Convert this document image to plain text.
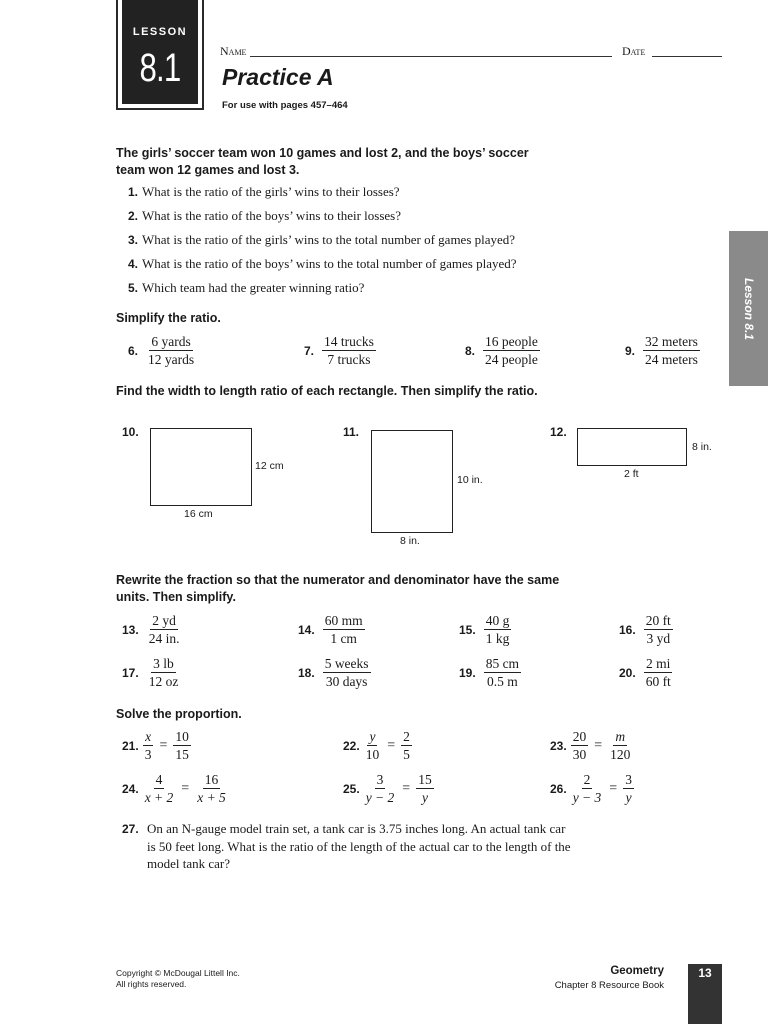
LESSON
8.1	Name	Date
Practice A
For use with pages 457–464
Lesson 8.1
The girls’ soccer team won 10 games and lost 2, and the boys’ soccer team won 12 games and lost 3.
1. What is the ratio of the girls’ wins to their losses?
2. What is the ratio of the boys’ wins to their losses?
3. What is the ratio of the girls’ wins to the total number of games played?
4. What is the ratio of the boys’ wins to the total number of games played?
5. Which team had the greater winning ratio?
Simplify the ratio.
6. $\frac{\text{6 yards}}{\text{12 yards}}$	7. $\frac{\text{14 trucks}}{\text{7 trucks}}$	8. $\frac{\text{16 people}}{\text{24 people}}$	9. $\frac{\text{32 meters}}{\text{24 meters}}$
Find the width to length ratio of each rectangle. Then simplify the ratio.
10.
12 cm
16 cm
11.
10 in.
8 in.
12.
8 in.
2 ft
Rewrite the fraction so that the numerator and denominator have the same units. Then simplify.
13. $\frac{2 yd}{24 in.}$	14. $\frac{60 mm}{1 cm}$	15. $\frac{40 g}{1 kg}$	16. $\frac{20 ft}{3 yd}$
17. $\frac{3 lb}{12 oz}$	18. $\frac{\text{5 weeks}}{\text{30 days}}$	19. $\frac{85 cm}{0.5 m}$	20. $\frac{2 mi}{60 ft}$
Solve the proportion.
21. $\frac{x}{3} = \frac{10}{15}$	22. $\frac{y}{10} = \frac{2}{5}$	23. $\frac{20}{30} = \frac{m}{120}$
24. $\frac{4}{x + 2} = \frac{16}{x + 5}$	25. $\frac{3}{y - 2} = \frac{15}{y}$	26. $\frac{2}{y - 3} = \frac{3}{y}$
27. On an N-gauge model train set, a tank car is 3.75 inches long. An actual tank car is 50 feet long. What is the ratio of the length of the actual car to the length of the model tank car?
Copyright © McDougal Littell Inc.
All rights reserved.
Geometry
Chapter 8 Resource Book
13
